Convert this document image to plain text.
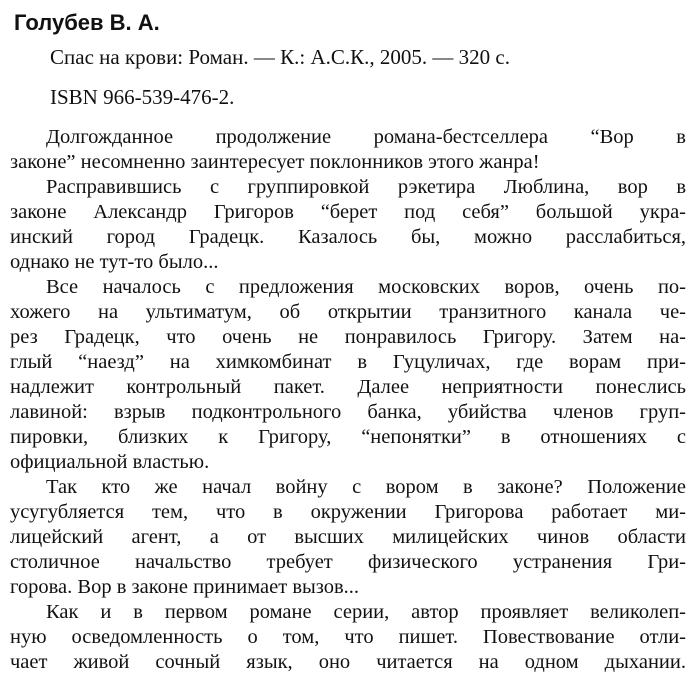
Голубев В. А.
Спас на крови: Роман. — К.: А.С.К., 2005. — 320 с.
ISBN 966-539-476-2.

Долгожданное продолжение романа-бестселлера “Вор в
законе” несомненно заинтересует поклонников этого жанра!

Расправившись с группировкой рэкетира Люблина, вор в
законе Александр Григоров “берет под себя” большой укра-
инский город Градецк. Казалось бы, можно расслабиться,
однако не тут-то было...

Все началось с предложения московских воров, очень по-
хожего на ультиматум, об открытии транзитного канала че-
рез Градецк, что очень не понравилось Григору. Затем на-
глый “наезд” на химкомбинат в Гуцуличах, где ворам при-
надлежит контрольный пакет. Далее неприятности понеслись
лавиной: взрыв подконтрольного банка, убийства членов груп-
пировки, близких к Григору, “непонятки” в отношениях с
официальной властью.

Так кто же начал войну с вором в законе? Положение
усугубляется тем, что в окружении Григорова работает ми-
лицейский агент, а от высших милицейских чинов области
столичное начальство требует физического устранения Гри-
горова. Вор в законе принимает вызов...

Как и в первом романе серии, автор проявляет великолеп-
ную осведомленность о том, что пишет. Повествование отли-
чает живой сочный язык, оно читается на одном дыхании.
